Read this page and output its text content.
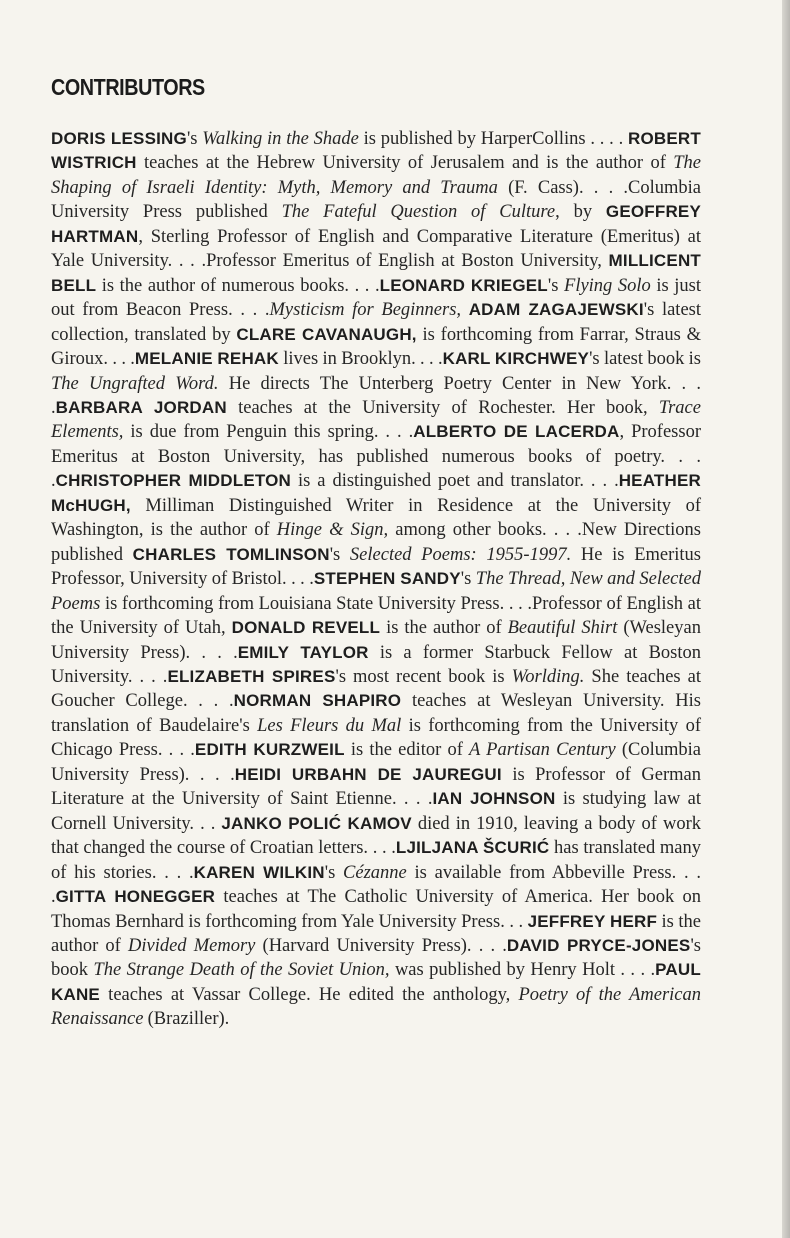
CONTRIBUTORS

DORIS LESSING's Walking in the Shade is published by HarperCollins . . . . ROBERT WISTRICH teaches at the Hebrew University of Jerusalem and is the author of The Shaping of Israeli Identity: Myth, Memory and Trauma (F. Cass). . . .Columbia University Press published The Fateful Question of Culture, by GEOFFREY HARTMAN, Sterling Professor of English and Comparative Literature (Emeritus) at Yale University. . . .Professor Emeritus of English at Boston University, MILLICENT BELL is the author of numerous books. . . .LEONARD KRIEGEL's Flying Solo is just out from Beacon Press. . . .Mysticism for Beginners, ADAM ZAGAJEWSKI's latest collection, translated by CLARE CAVANAUGH, is forthcoming from Farrar, Straus & Giroux. . . .MELANIE REHAK lives in Brooklyn. . . .KARL KIRCHWEY's latest book is The Ungrafted Word. He directs The Unterberg Poetry Center in New York. . . .BARBARA JORDAN teaches at the University of Rochester. Her book, Trace Elements, is due from Penguin this spring. . . .ALBERTO DE LACERDA, Professor Emeritus at Boston University, has published numerous books of poetry. . . .CHRISTOPHER MIDDLETON is a distinguished poet and translator. . . .HEATHER McHUGH, Milliman Distinguished Writer in Residence at the University of Washington, is the author of Hinge & Sign, among other books. . . .New Directions published CHARLES TOMLINSON's Selected Poems: 1955-1997. He is Emeritus Professor, University of Bristol. . . .STEPHEN SANDY's The Thread, New and Selected Poems is forthcoming from Louisiana State University Press. . . .Professor of English at the University of Utah, DONALD REVELL is the author of Beautiful Shirt (Wesleyan University Press). . . .EMILY TAYLOR is a former Starbuck Fellow at Boston University. . . .ELIZABETH SPIRES's most recent book is Worlding. She teaches at Goucher College. . . .NORMAN SHAPIRO teaches at Wesleyan University. His translation of Baudelaire's Les Fleurs du Mal is forthcoming from the University of Chicago Press. . . .EDITH KURZWEIL is the editor of A Partisan Century (Columbia University Press). . . .HEIDI URBAHN DE JAUREGUI is Professor of German Literature at the University of Saint Etienne. . . .IAN JOHNSON is studying law at Cornell University. . . JANKO POLIĆ KAMOV died in 1910, leaving a body of work that changed the course of Croatian letters. . . .LJILJANA ŠCURIĆ has translated many of his stories. . . .KAREN WILKIN's Cézanne is available from Abbeville Press. . . .GITTA HONEGGER teaches at The Catholic University of America. Her book on Thomas Bernhard is forthcoming from Yale University Press. . . JEFFREY HERF is the author of Divided Memory (Harvard University Press). . . .DAVID PRYCE-JONES's book The Strange Death of the Soviet Union, was published by Henry Holt . . . .PAUL KANE teaches at Vassar College. He edited the anthology, Poetry of the American Renaissance (Braziller).
